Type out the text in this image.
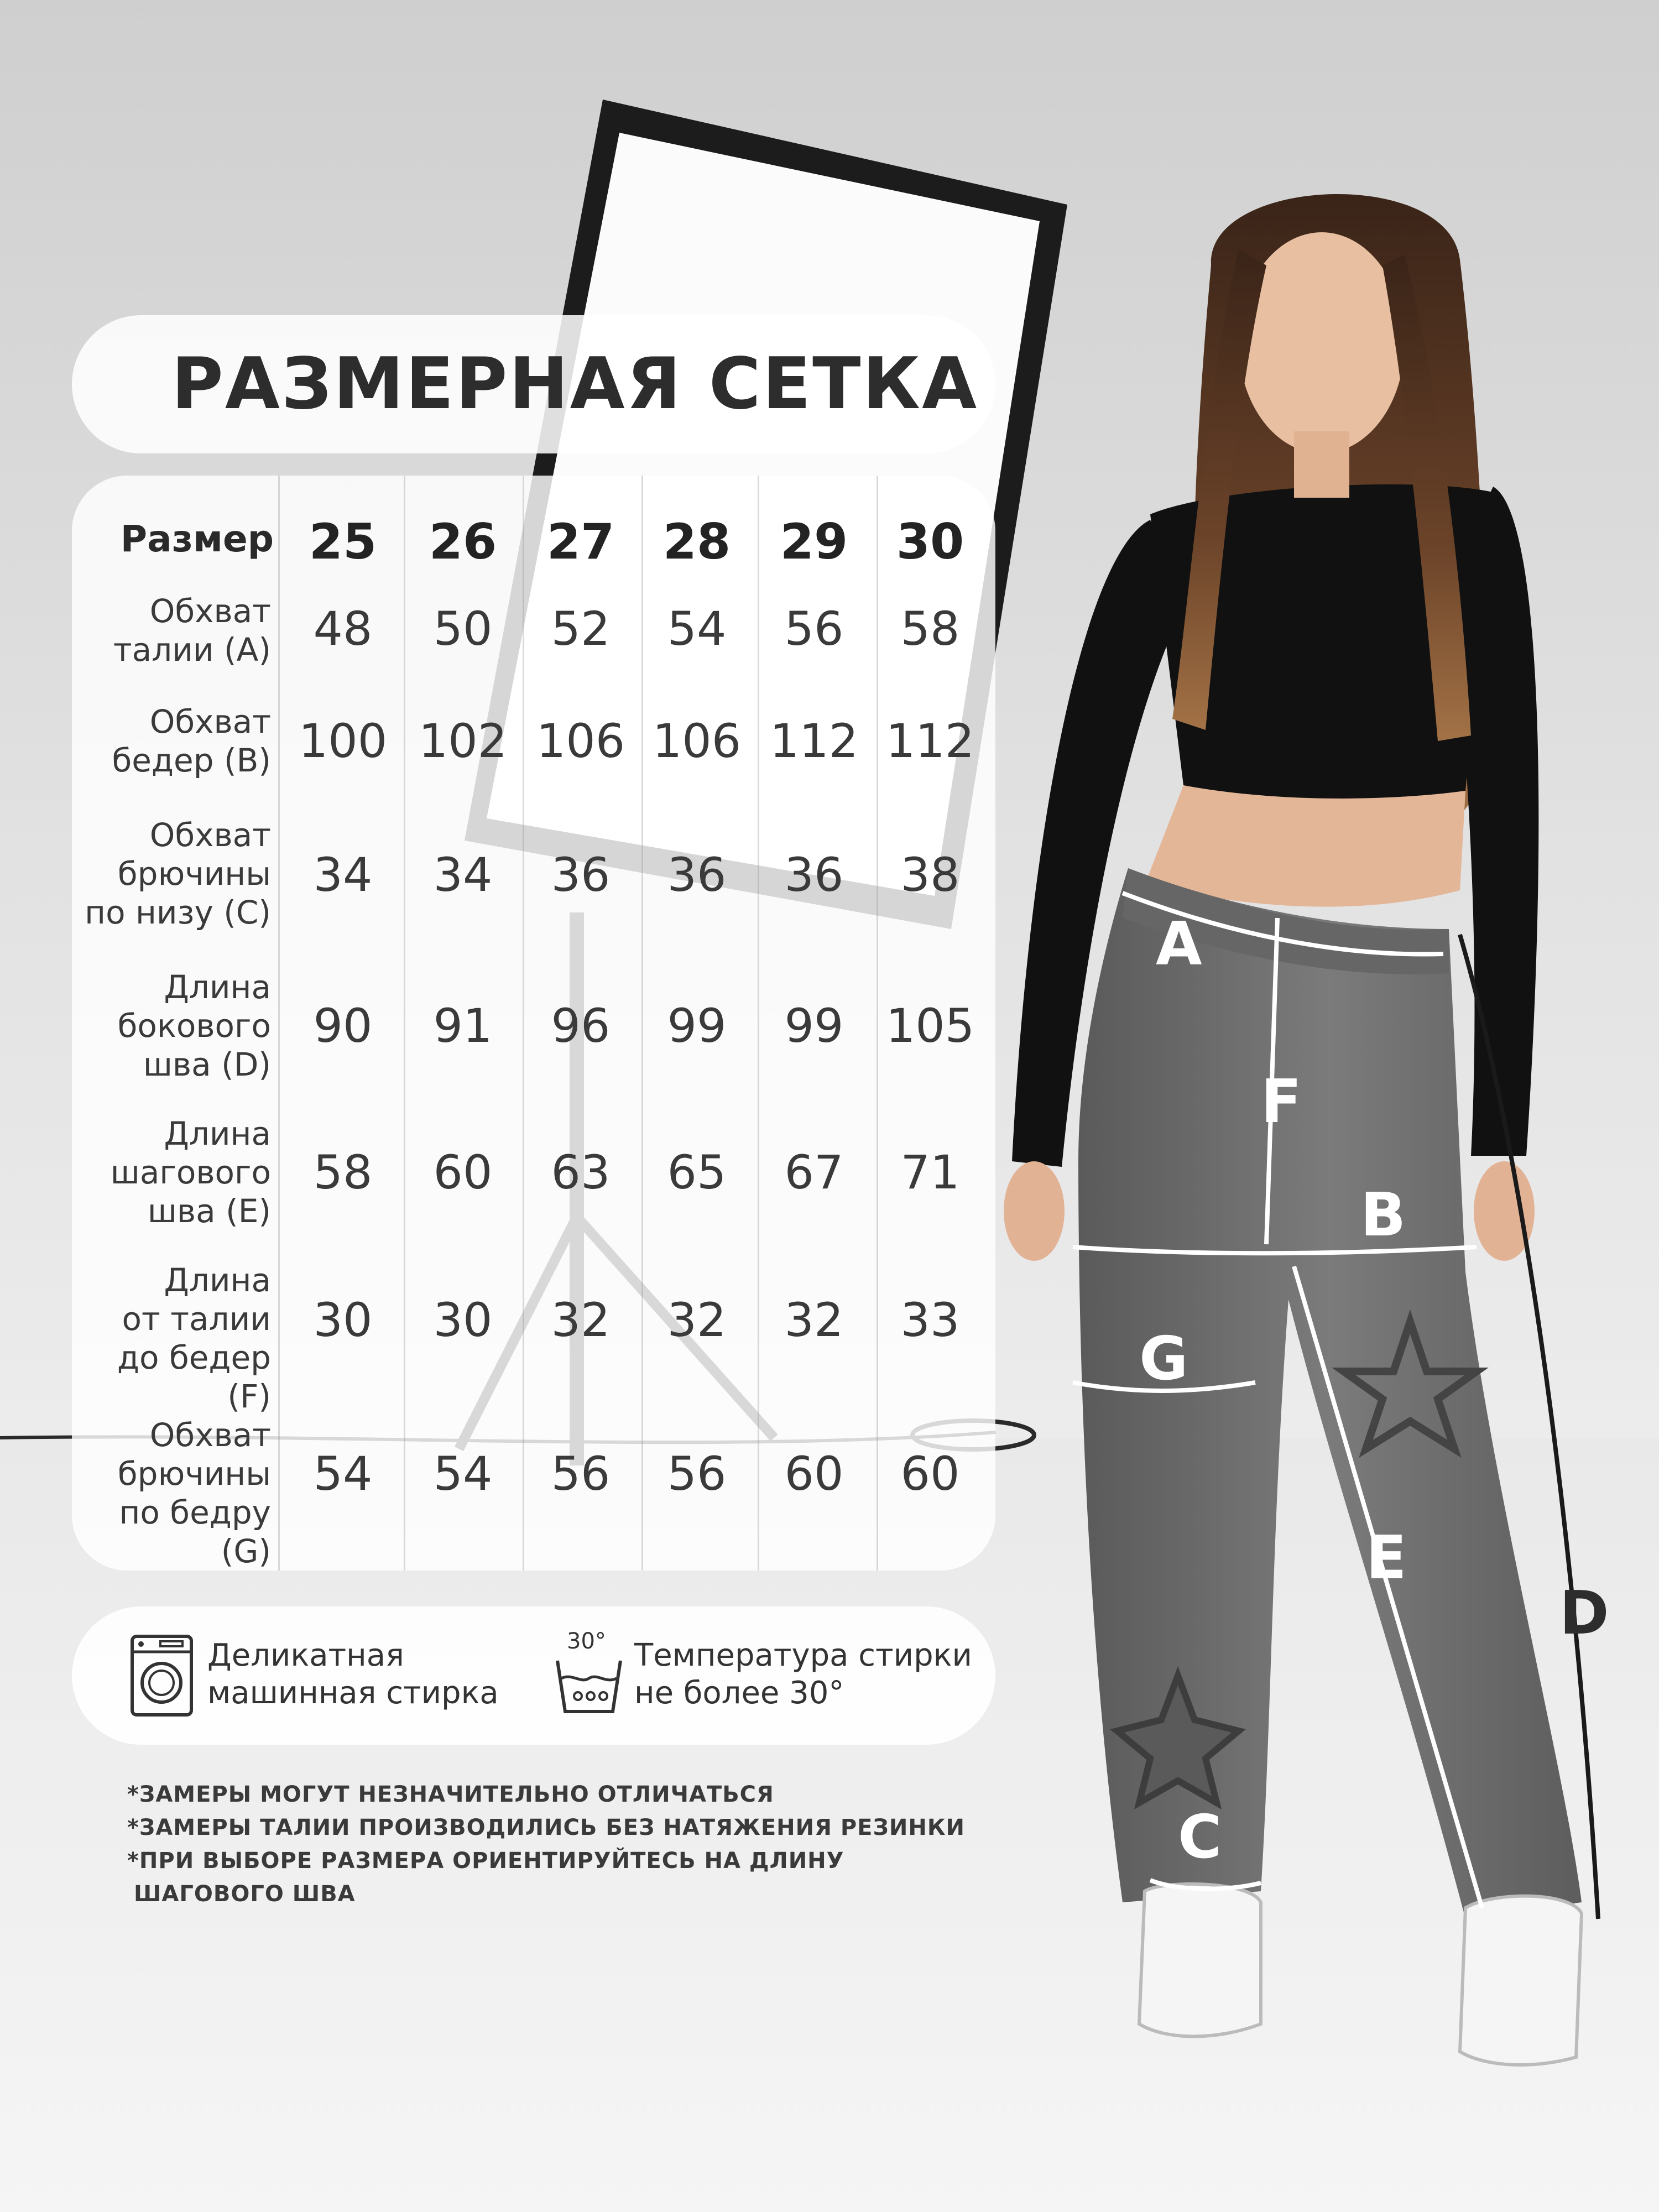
A
F
B
G
E
C
D
РАЗМЕРНАЯ СЕТКА
Размер 25	26	27 28	29 30
Обхват
талии (A) 48	50	52	54	56	58
Обхват
бедер (B) 100 102 106 106 112 112
Обхват
брючины
по низу (C)
34	34	36	36	36	38
Длина
бокового
шва (D)
90	91	96	99	99 105
Длина
шагового
шва (E)
58	60	63	65	67	71
Длина
от талии
до бедер (F)
30	30	32	32	32	33
Обхват
брючины
по бедру (G)
54	54	56	56	60	60
Деликатная
машинная стирка
30° Температура стирки
не более 30°
*ЗАМЕРЫ МОГУТ НЕЗНАЧИТЕЛЬНО ОТЛИЧАТЬСЯ
*ЗАМЕРЫ ТАЛИИ ПРОИЗВОДИЛИСЬ БЕЗ НАТЯЖЕНИЯ РЕЗИНКИ
*ПРИ ВЫБОРЕ РАЗМЕРА ОРИЕНТИРУЙТЕСЬ НА ДЛИНУ
ШАГОВОГО ШВА
